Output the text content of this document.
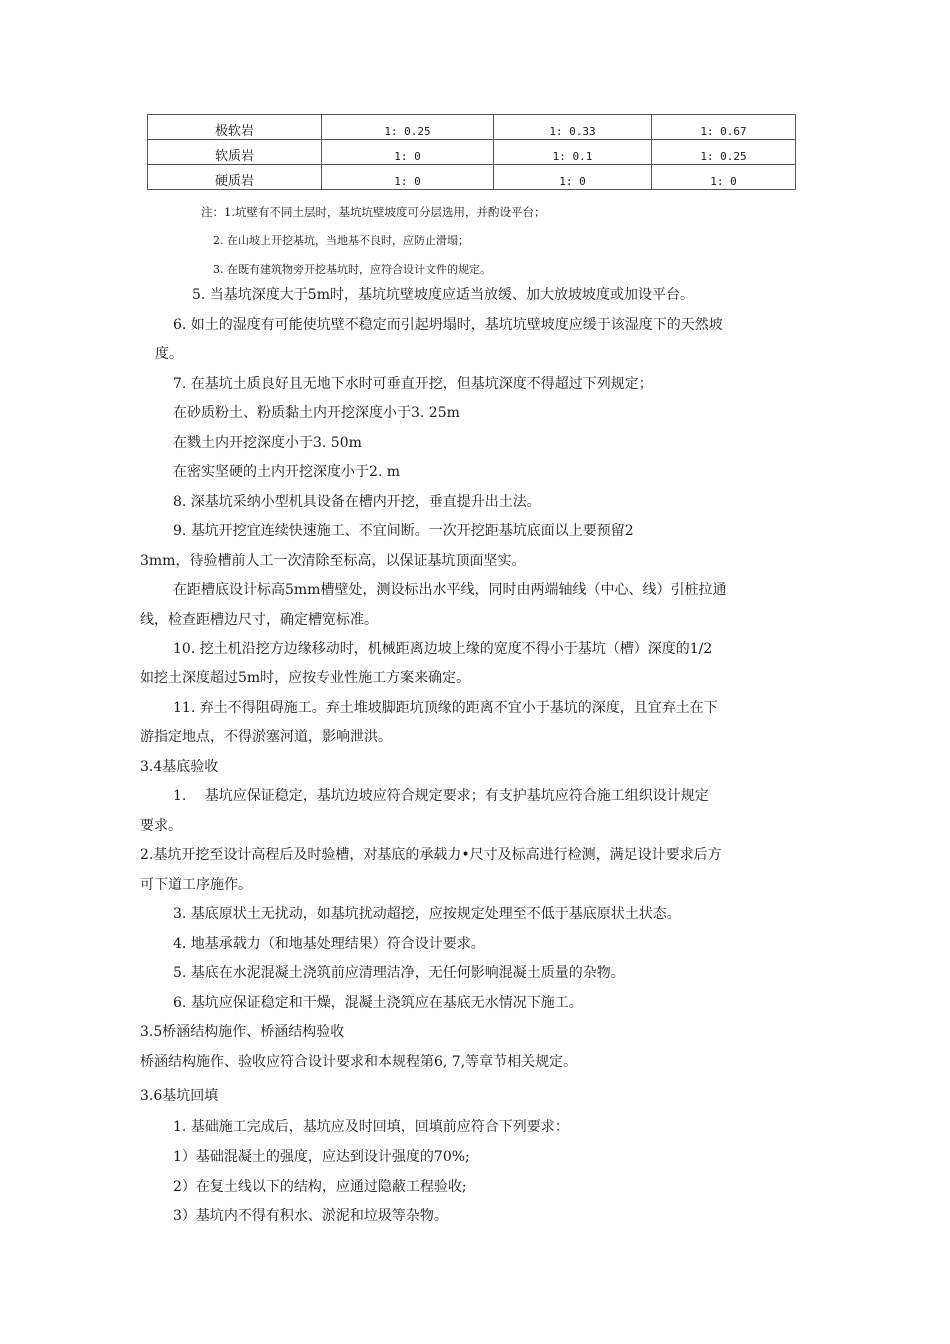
极软岩	1: 0.25	1: 0.33	1: 0.67
软质岩	1: 0	1: 0.1	1: 0.25
硬质岩	1: 0	1: 0	1: 0
注：1.坑壁有不同土层时，基坑坑壁坡度可分层选用，并酌设平台；
2. 在山坡上开挖基坑，当地基不良时，应防止滑塌；
3. 在既有建筑物旁开挖基坑时，应符合设计文件的规定。
5. 当基坑深度大于5m时，基坑坑壁坡度应适当放缓、加大放坡坡度或加设平台。
6. 如土的湿度有可能使坑壁不稳定而引起坍塌时，基坑坑壁坡度应缓于该湿度下的天然坡
度。
7. 在基坑土质良好且无地下水时可垂直开挖，但基坑深度不得超过下列规定；
在砂质粉土、粉质黏土内开挖深度小于3. 25m
在戮土内开挖深度小于3. 50m
在密实坚硬的土内开挖深度小于2. m
8. 深基坑采纳小型机具设备在槽内开挖，垂直提升出土法。
9. 基坑开挖宜连续快速施工、不宜间断。一次开挖距基坑底面以上要预留2
3mm，待验槽前人工一次清除至标高，以保证基坑顶面坚实。
在距槽底设计标高5mm槽壁处，测设标出水平线，同时由两端轴线（中心、线）引桩拉通
线，检查距槽边尺寸，确定槽宽标准。
10. 挖土机沿挖方边缘移动时，机械距离边坡上缘的宽度不得小于基坑（槽）深度的1/2
如挖土深度超过5m时，应按专业性施工方案来确定。
11. 弃土不得阻碍施工。弃土堆坡脚距坑顶缘的距离不宜小于基坑的深度，且宜弃土在下
游指定地点，不得淤塞河道，影响泄洪。
3.4基底验收
1.　 基坑应保证稳定，基坑边坡应符合规定要求；有支护基坑应符合施工组织设计规定
要求。
2.基坑开挖至设计高程后及时验槽，对基底的承载力•尺寸及标高进行检测，满足设计要求后方
可下道工序施作。
3. 基底原状土无扰动，如基坑扰动超挖，应按规定处理至不低于基底原状土状态。
4. 地基承载力（和地基处理结果）符合设计要求。
5. 基底在水泥混凝土浇筑前应清理洁净，无任何影响混凝土质量的杂物。
6. 基坑应保证稳定和干燥，混凝土浇筑应在基底无水情况下施工。
3.5桥涵结构施作、桥涵结构验收
桥涵结构施作、验收应符合设计要求和本规程第6, 7,等章节相关规定。
3.6基坑回填
1. 基础施工完成后，基坑应及时回填，回填前应符合下列要求：
1）基础混凝土的强度，应达到设计强度的70%;
2）在复土线以下的结构，应通过隐蔽工程验收;
3）基坑内不得有积水、淤泥和垃圾等杂物。
